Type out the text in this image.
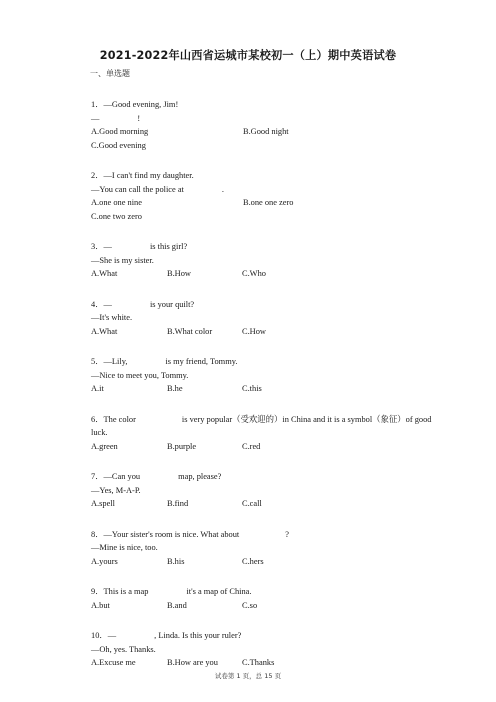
2021-2022年山西省运城市某校初一（上）期中英语试卷
一、单选题
1．—Good evening, Jim!
—	!
A.Good morning	B.Good night
C.Good evening
2．—I can't find my daughter.
—You can call the police at	.
A.one one nine	B.one one zero
C.one two zero
3．—	is this girl?
—She is my sister.
A.What	B.How	C.Who
4．—	is your quilt?
—It's white.
A.What	B.What color	C.How
5．—Lily,	is my friend, Tommy.
—Nice to meet you, Tommy.
A.it	B.he	C.this
6．The color	is very popular（受欢迎的）in China and it is a symbol（象征）of good luck.
A.green	B.purple	C.red
7．—Can you	map, please?
—Yes, M-A-P.
A.spell	B.find	C.call
8．—Your sister's room is nice. What about	?
—Mine is nice, too.
A.yours	B.his	C.hers
9．This is a map	it's a map of China.
A.but	B.and	C.so
10．—	, Linda. Is this your ruler?
—Oh, yes. Thanks.
A.Excuse me	B.How are you	C.Thanks
试卷第 1 页，总 15 页
